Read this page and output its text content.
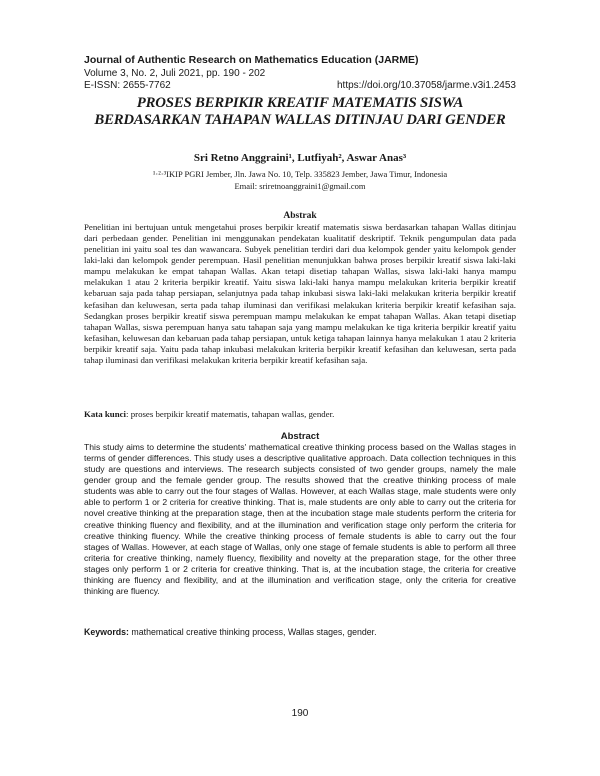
Journal of Authentic Research on Mathematics Education (JARME)
Volume 3, No. 2, Juli 2021, pp. 190 - 202
E-ISSN: 2655-7762	https://doi.org/10.37058/jarme.v3i1.2453
PROSES BERPIKIR KREATIF MATEMATIS SISWA
BERDASARKAN TAHAPAN WALLAS DITINJAU DARI GENDER
Sri Retno Anggraini¹, Lutfiyah², Aswar Anas³
¹·²·³IKIP PGRI Jember, Jln. Jawa No. 10, Telp. 335823 Jember, Jawa Timur, Indonesia
Email: sriretnoanggraini1@gmail.com
Abstrak
Penelitian ini bertujuan untuk mengetahui proses berpikir kreatif matematis siswa berdasarkan tahapan Wallas ditinjau dari perbedaan gender. Penelitian ini menggunakan pendekatan kualitatif deskriptif. Teknik pengumpulan data pada penelitian ini yaitu soal tes dan wawancara. Subyek penelitian terdiri dari dua kelompok gender yaitu kelompok gender laki-laki dan kelompok gender perempuan. Hasil penelitian menunjukkan bahwa proses berpikir kreatif siswa laki-laki mampu melakukan ke empat tahapan Wallas. Akan tetapi disetiap tahapan Wallas, siswa laki-laki hanya mampu melakukan 1 atau 2 kriteria berpikir kreatif. Yaitu siswa laki-laki hanya mampu melakukan kriteria berpikir kreatif kebaruan saja pada tahap persiapan, selanjutnya pada tahap inkubasi siswa laki-laki melakukan kriteria berpikir kreatif kefasihan dan keluwesan, serta pada tahap iluminasi dan verifikasi melakukan kriteria berpikir kreatif kefasihan saja. Sedangkan proses berpikir kreatif siswa perempuan mampu melakukan ke empat tahapan Wallas. Akan tetapi disetiap tahapan Wallas, siswa perempuan hanya satu tahapan saja yang mampu melakukan ke tiga kriteria berpikir kreatif yaitu kefasihan, keluwesan dan kebaruan pada tahap persiapan, untuk ketiga tahapan lainnya hanya melakukan 1 atau 2 kriteria berpikir kreatif saja. Yaitu pada tahap inkubasi melakukan kriteria berpikir kreatif kefasihan dan keluwesan, serta pada tahap iluminasi dan verifikasi melakukan kriteria berpikir kreatif kefasihan saja.
Kata kunci: proses berpikir kreatif matematis, tahapan wallas, gender.
Abstract
This study aims to determine the students' mathematical creative thinking process based on the Wallas stages in terms of gender differences. This study uses a descriptive qualitative approach. Data collection techniques in this study are questions and interviews. The research subjects consisted of two gender groups, namely the male gender group and the female gender group. The results showed that the creative thinking process of male students was able to carry out the four stages of Wallas. However, at each Wallas stage, male students were only able to perform 1 or 2 criteria for creative thinking. That is, male students are only able to carry out the criteria for novel creative thinking at the preparation stage, then at the incubation stage male students perform the criteria for creative thinking fluency and flexibility, and at the illumination and verification stage only perform the criteria for creative thinking fluency. While the creative thinking process of female students is able to carry out the four stages of Wallas. However, at each stage of Wallas, only one stage of female students is able to perform all three criteria for creative thinking, namely fluency, flexibility and novelty at the preparation stage, for the other three stages only perform 1 or 2 criteria for creative thinking. That is, at the incubation stage, the criteria for creative thinking are fluency and flexibility, and at the illumination and verification stage, only the criteria for creative thinking are fluency.
Keywords: mathematical creative thinking process, Wallas stages, gender.
190
